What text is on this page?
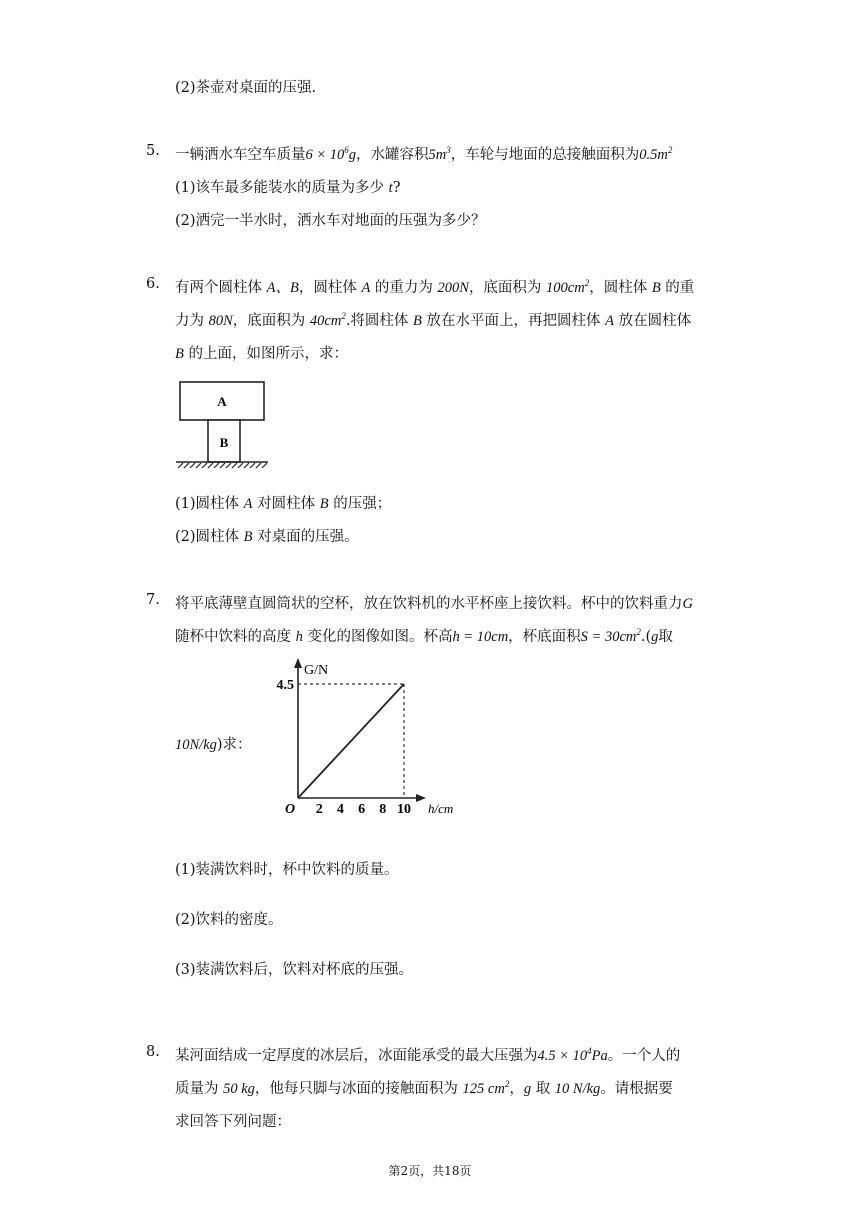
(2)茶壶对桌面的压强.
5. 一辆洒水车空车质量$6 \times 10^6g$，水罐容积$5m^3$，车轮与地面的总接触面积为$0.5m^2$
(1)该车最多能装水的质量为多少 t?
(2)洒完一半水时，洒水车对地面的压强为多少？
6. 有两个圆柱体 A、B，圆柱体 A 的重力为 200N，底面积为 $100cm^2$，圆柱体 B 的重
力为 80N，底面积为 $40cm^2$.将圆柱体 B 放在水平面上，再把圆柱体 A 放在圆柱体
B 的上面，如图所示，求：
A
B
(1)圆柱体 A 对圆柱体 B 的压强；
(2)圆柱体 B 对桌面的压强。
7. 将平底薄壁直圆筒状的空杯，放在饮料机的水平杯座上接饮料。杯中的饮料重力G
随杯中饮料的高度 h 变化的图像如图。杯高h = 10cm，杯底面积$S = 30cm^2.(g$取
10N/kg)求：
G/N
h/cm
O 2 4 6 8 10
4.5
(1)装满饮料时，杯中饮料的质量。
(2)饮料的密度。
(3)装满饮料后，饮料对杯底的压强。
8. 某河面结成一定厚度的冰层后，冰面能承受的最大压强为$4.5 \times 10^4Pa$。一个人的
质量为 50 kg，他每只脚与冰面的接触面积为 125 $cm^2$，g 取 10 N/kg。请根据要
求回答下列问题：
第2页，共18页
